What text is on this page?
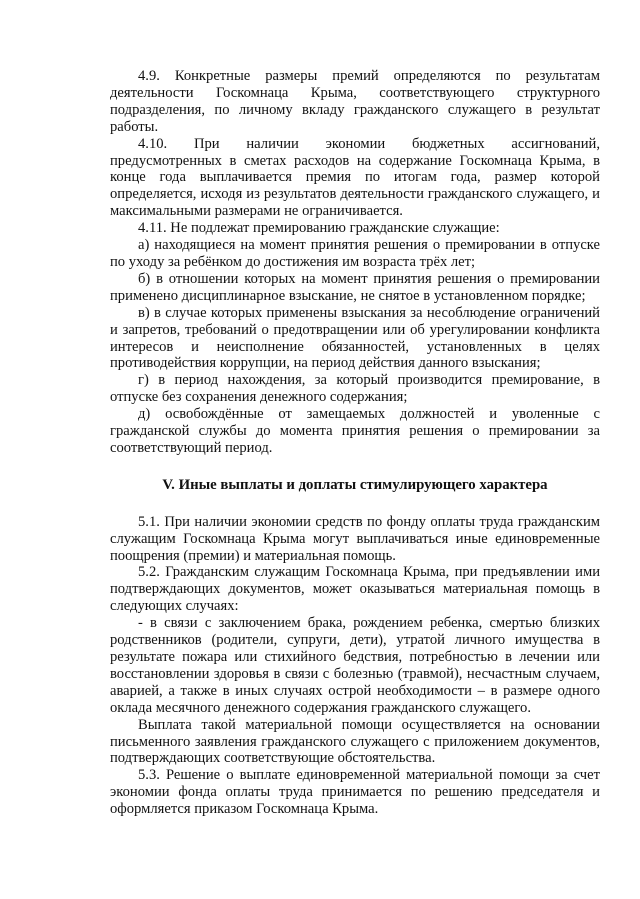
4.9. Конкретные размеры премий определяются по результатам деятельности Госкомнаца Крыма, соответствующего структурного подразделения, по личному вкладу гражданского служащего в результат работы.

4.10. При наличии экономии бюджетных ассигнований, предусмотренных в сметах расходов на содержание Госкомнаца Крыма, в конце года выплачивается премия по итогам года, размер которой определяется, исходя из результатов деятельности гражданского служащего, и максимальными размерами не ограничивается.

4.11. Не подлежат премированию гражданские служащие:

а) находящиеся на момент принятия решения о премировании в отпуске по уходу за ребёнком до достижения им возраста трёх лет;

б) в отношении которых на момент принятия решения о премировании применено дисциплинарное взыскание, не снятое в установленном порядке;

в) в случае которых применены взыскания за несоблюдение ограничений и запретов, требований о предотвращении или об урегулировании конфликта интересов и неисполнение обязанностей, установленных в целях противодействия коррупции, на период действия данного взыскания;

г) в период нахождения, за который производится премирование, в отпуске без сохранения денежного содержания;

д) освобождённые от замещаемых должностей и уволенные с гражданской службы до момента принятия решения о премировании за соответствующий период.

V. Иные выплаты и доплаты стимулирующего характера

5.1. При наличии экономии средств по фонду оплаты труда гражданским служащим Госкомнаца Крыма могут выплачиваться иные единовременные поощрения (премии) и материальная помощь.

5.2. Гражданским служащим Госкомнаца Крыма, при предъявлении ими подтверждающих документов, может оказываться материальная помощь в следующих случаях:

- в связи с заключением брака, рождением ребенка, смертью близких родственников (родители, супруги, дети), утратой личного имущества в результате пожара или стихийного бедствия, потребностью в лечении или восстановлении здоровья в связи с болезнью (травмой), несчастным случаем, аварией, а также в иных случаях острой необходимости – в размере одного оклада месячного денежного содержания гражданского служащего.

Выплата такой материальной помощи осуществляется на основании письменного заявления гражданского служащего с приложением документов, подтверждающих соответствующие обстоятельства.

5.3. Решение о выплате единовременной материальной помощи за счет экономии фонда оплаты труда принимается по решению председателя и оформляется приказом Госкомнаца Крыма.
